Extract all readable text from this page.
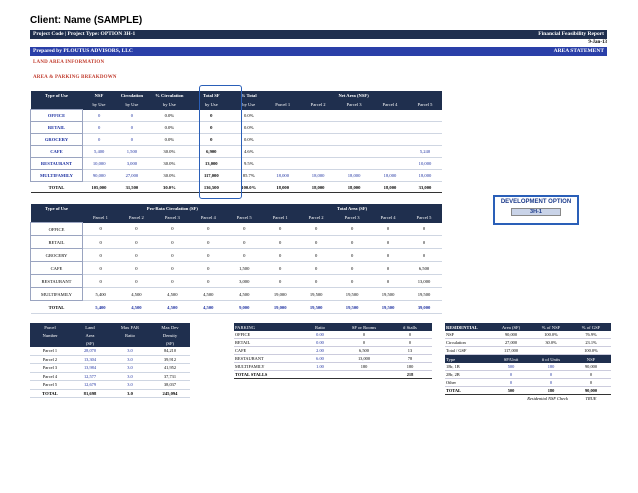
Client: Name (SAMPLE)
Project Code | Project Type: OPTION 3H-1	Financial Feasibility Report
9-Jan-13
Prepared by PLOUTUS ADVISORS, LLC	AREA STATEMENT
LAND AREA INFORMATION
AREA & PARKING BREAKDOWN
Type of Use	NSF	Circulation	% Circulation	Total SF	% Total	Net Area (NSF)				
	by Use	by Use	by Use	by Use	by Use	Parcel 1	Parcel 2	Parcel 3	Parcel 4	Parcel 5
OFFICE	0	0	0.0%	0	0.0%					
RETAIL	0	0	0.0%	0	0.0%					
GROCERY	0	0	0.0%	0	0.0%					
CAFE	5,400	1,500	30.0%	6,900	4.6%					5,240
RESTAURANT	10,000	3,000	30.0%	13,000	9.5%					10,000
MULTIFAMILY	90,000	27,000	30.0%	117,000	85.7%	18,000	18,000	18,000	18,000	18,000
TOTAL	105,000	31,500	30.0%	136,500	100.0%	18,000	18,000	18,000	18,000	33,000
DEVELOPMENT OPTION
3H-1
Type of Use	Pro-Rata Circulation (SF)					Total Area (SF)				
	Parcel 1	Parcel 2	Parcel 3	Parcel 4	Parcel 5	Parcel 1	Parcel 2	Parcel 3	Parcel 4	Parcel 5
OFFICE	0	0	0	0	0	0	0	0	0	0
RETAIL	0	0	0	0	0	0	0	0	0	0
GROCERY	0	0	0	0	0	0	0	0	0	0
CAFE	0	0	0	0	1,500	0	0	0	0	6,500
RESTAURANT	0	0	0	0	3,000	0	0	0	0	13,000
MULTIFAMILY	5,400	4,500	4,500	4,500	4,500	19,000	19,500	19,500	19,500	19,500
TOTAL	5,400	4,500	4,500	4,500	9,000	19,000	19,500	19,500	19,500	39,000
Parcel	Land	Max FAR	Max Dev
Number	Area	Ratio	Density
	(SF)		(SF)
Parcel 1	28,070	3.0	84,210
Parcel 2	13,304	3.0	39,912
Parcel 3	13,984	3.0	41,952
Parcel 4	12,577	3.0	37,731
Parcel 5	12,679	3.0	38,037
TOTAL	81,698	3.0	245,094
PARKING	Ratio	SF or Rooms	# Stalls
OFFICE	0.00	0	0
RETAIL	0.00	0	0
CAFE	2.00	6,500	13
RESTAURANT	6.00	13,000	78
MULTIFAMILY	1.00	180	180
TOTAL STALLS			218
RESIDENTIAL	Area (SF)	% of NSF	% of GSF
NSF	90,000	100.0%	76.9%
Circulation	27,000	30.0%	23.1%
Total / GSF	117,000		100.0%
Type	SF/Unit	# of Units	NSF
1Br, 1B	500	180	90,000
2Br, 2B	0	0	0
Other	0	0	0
TOTAL	500	180	90,000
Residential NSF Check			TRUE
